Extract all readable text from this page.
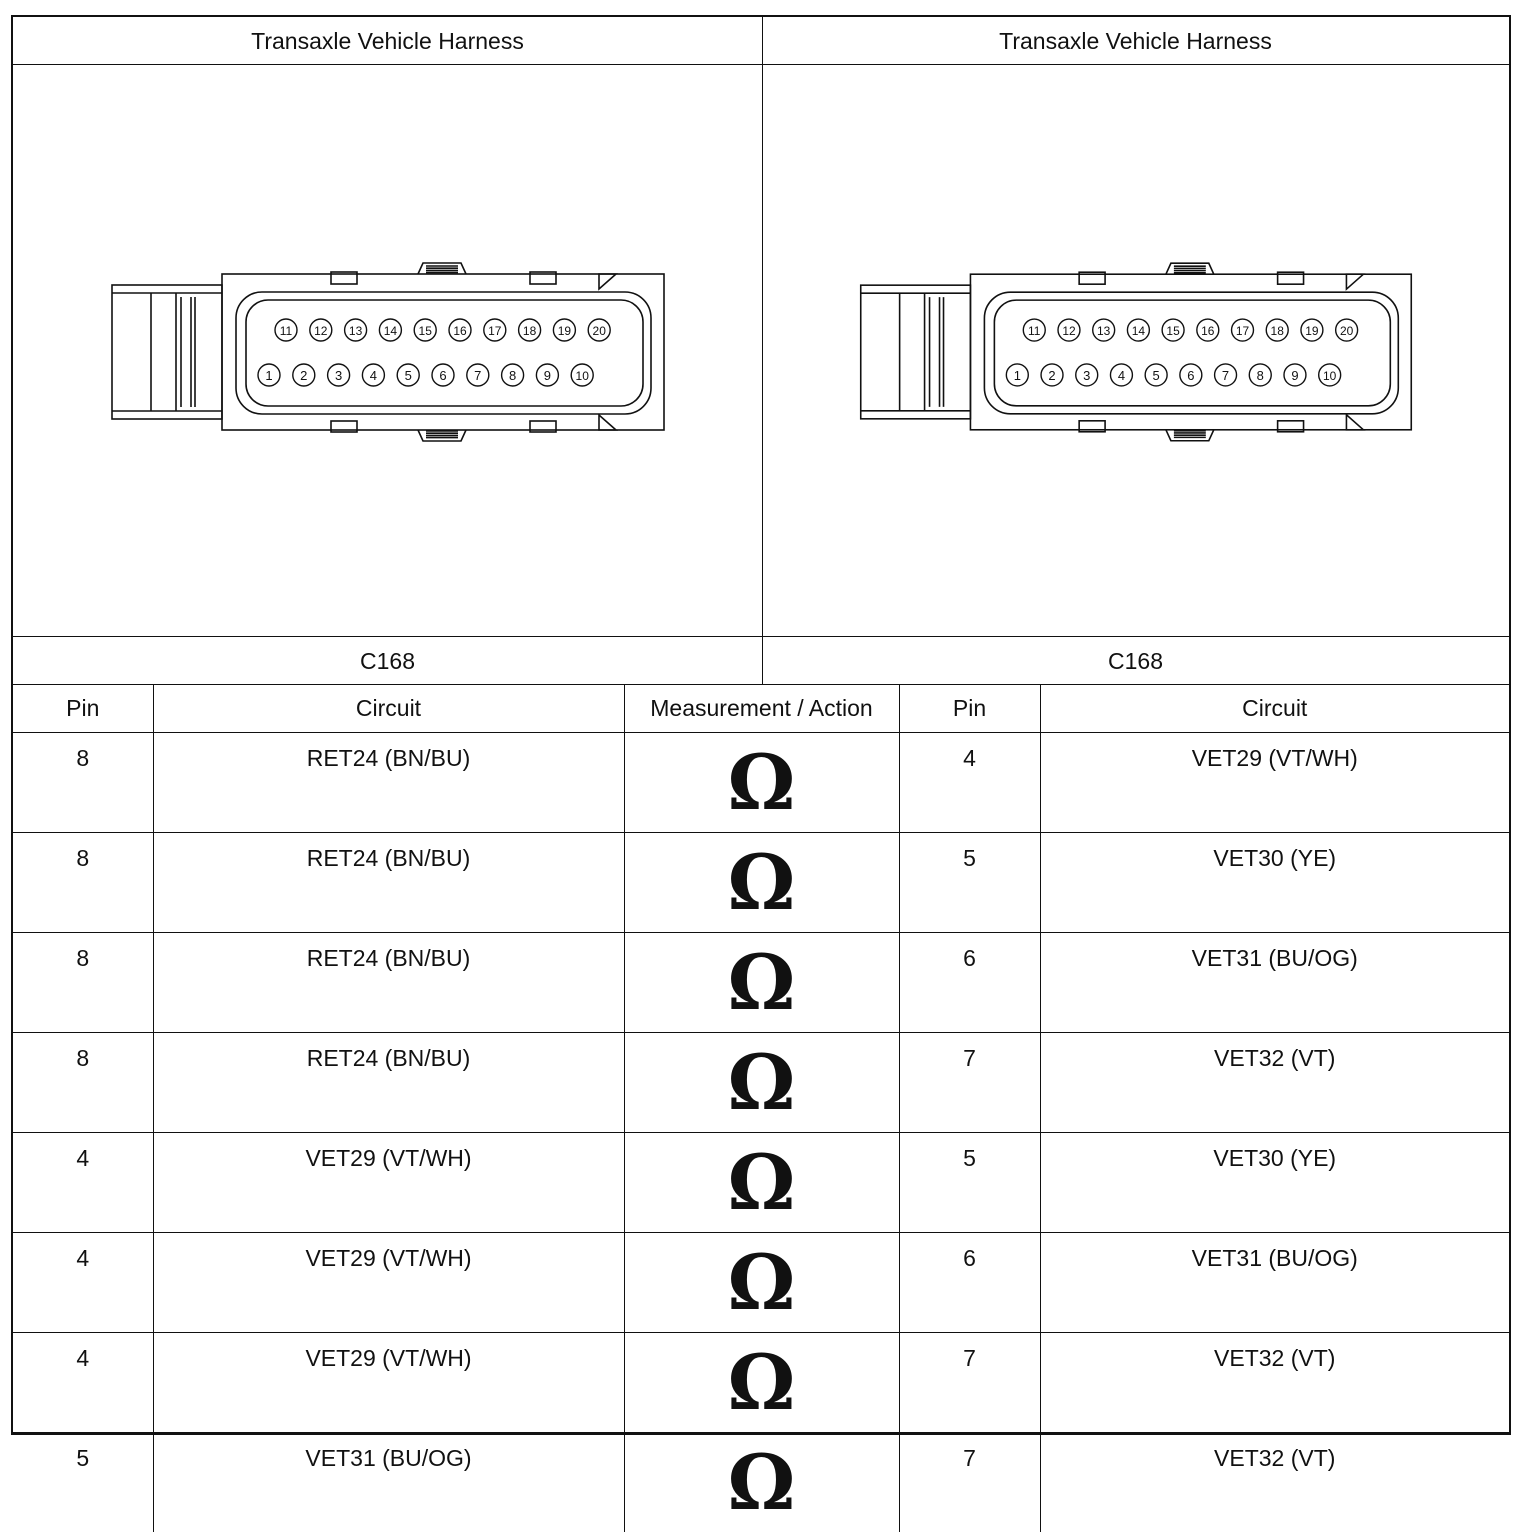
Transaxle Vehicle Harness	Transaxle Vehicle Harness
11 12 13 14 15 16 17 18 19 20
1 2 3 4 5 6 7 8 9 10
11 12 13 14 15 16 17 18 19 20
1 2 3 4 5 6 7 8 9 10
C168	C168
Pin	Circuit	Measurement / Action	Pin	Circuit
8	RET24 (BN/BU)	Ω	4	VET29 (VT/WH)
8	RET24 (BN/BU)	Ω	5	VET30 (YE)
8	RET24 (BN/BU)	Ω	6	VET31 (BU/OG)
8	RET24 (BN/BU)	Ω	7	VET32 (VT)
4	VET29 (VT/WH)	Ω	5	VET30 (YE)
4	VET29 (VT/WH)	Ω	6	VET31 (BU/OG)
4	VET29 (VT/WH)	Ω	7	VET32 (VT)
5	VET31 (BU/OG)	Ω	7	VET32 (VT)
